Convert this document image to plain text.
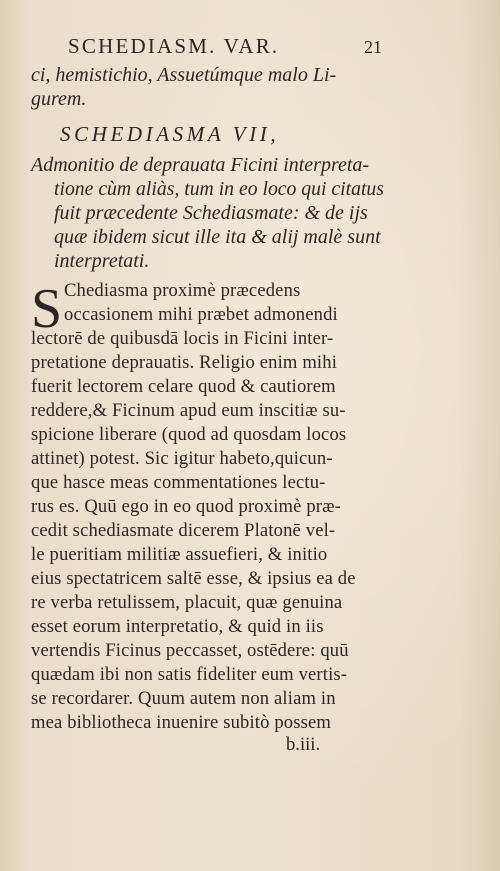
SCHEDIASM. VAR.	21
ci, hemistichio, Assuetúmque malo Li-
gurem.
SCHEDIASMA VII,
Admonitio de deprauata Ficini interpreta-
tione cùm aliàs, tum in eo loco qui citatus
fuit præcedente Schediasmate: & de ijs
quæ ibidem sicut ille ita & alij malè sunt
interpretati.
S Chediasma proximè præcedens
occasionem mihi præbet admonendi
lectorē de quibusdā locis in Ficini inter-
pretatione deprauatis. Religio enim mihi
fuerit lectorem celare quod & cautiorem
reddere,& Ficinum apud eum inscitiæ su-
spicione liberare (quod ad quosdam locos
attinet) potest. Sic igitur habeto,quicun-
que hasce meas commentationes lectu-
rus es. Quū ego in eo quod proximè præ-
cedit schediasmate dicerem Platonē vel-
le pueritiam militiæ assuefieri, & initio
eius spectatricem saltē esse, & ipsius ea de
re verba retulissem, placuit, quæ genuina
esset eorum interpretatio, & quid in iis
vertendis Ficinus peccasset, ostēdere: quū
quædam ibi non satis fideliter eum vertis-
se recordarer. Quum autem non aliam in
mea bibliotheca inuenire subitò possem
b.iii.
